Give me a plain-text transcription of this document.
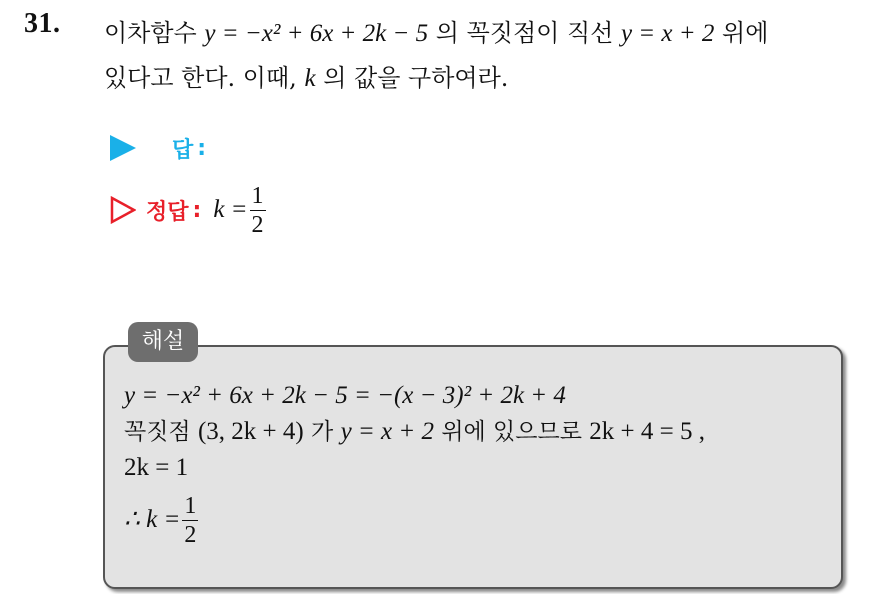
31. 이차함수 y = −x² + 6x + 2k − 5 의 꼭짓점이 직선 y = x + 2 위에
있다고 한다. 이때, k 의 값을 구하여라.
답 :
정답 : $k = \frac{1}{2}$
해설
y = −x² + 6x + 2k − 5 = −(x − 3)² + 2k + 4
꼭짓점 (3, 2k + 4) 가 y = x + 2 위에 있으므로 2k + 4 = 5 ,
2k = 1
∴ $k = \frac{1}{2}$
